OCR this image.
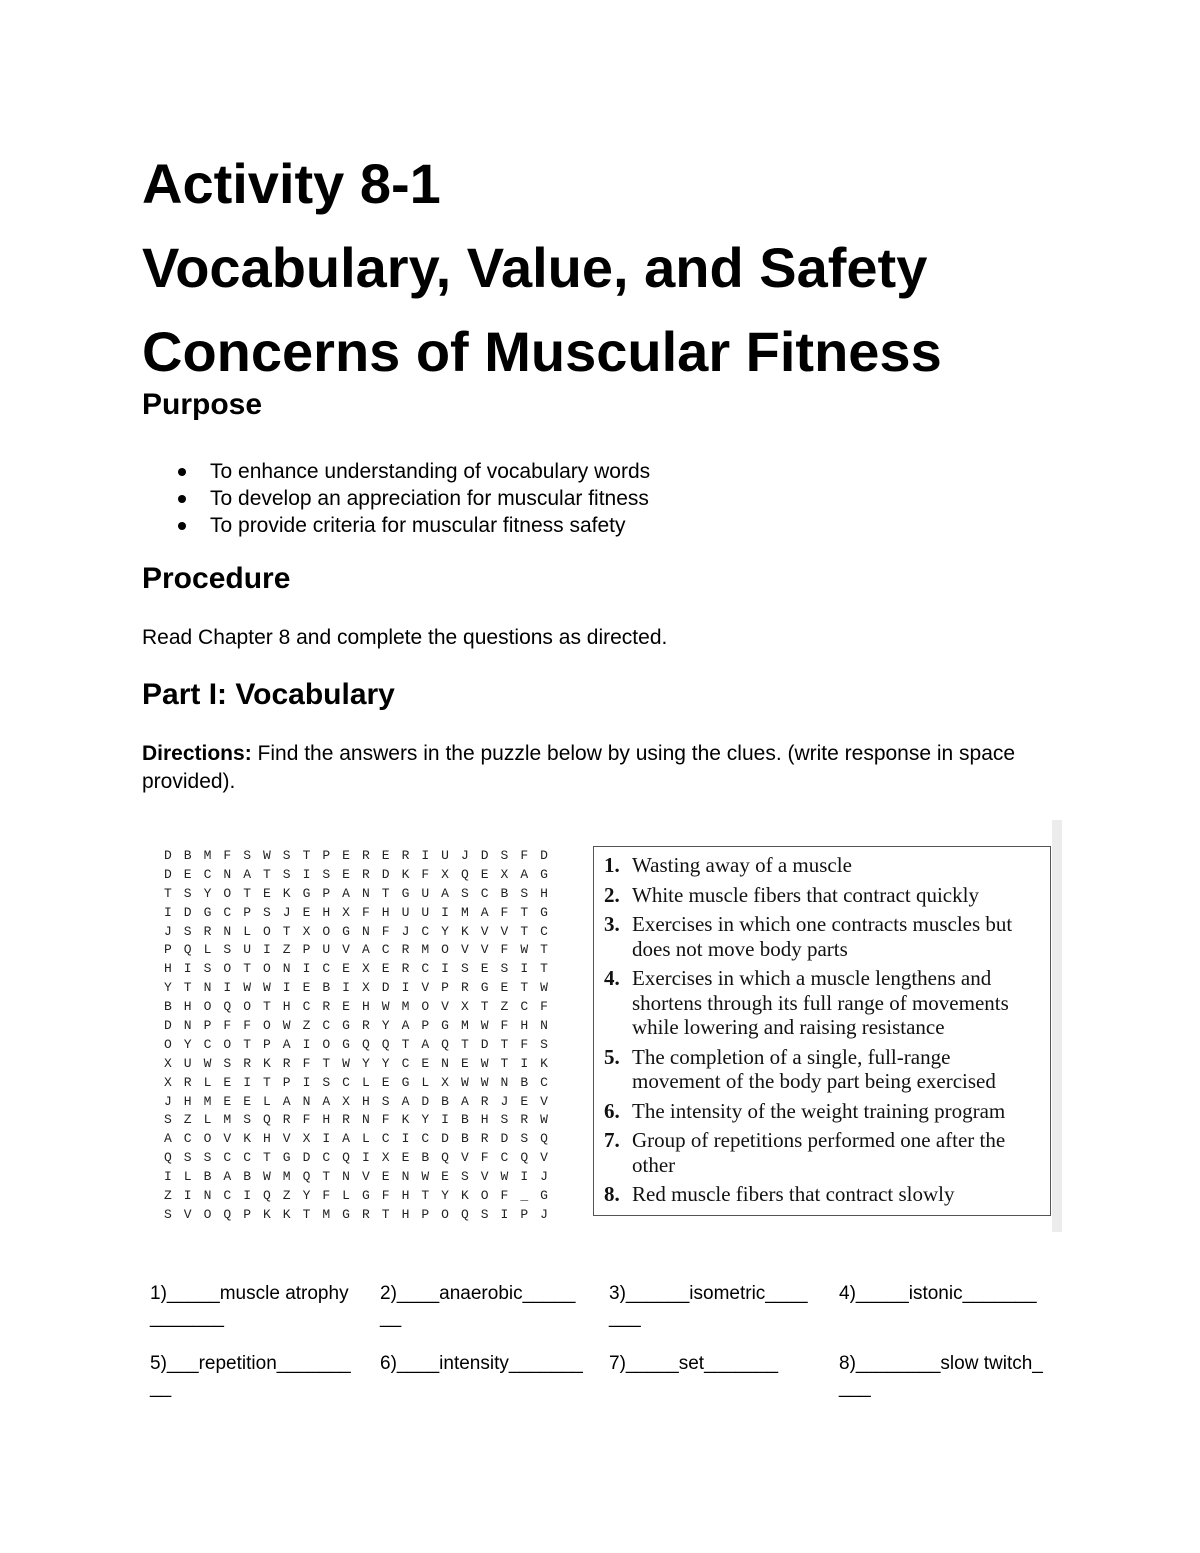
Activity 8-1
Vocabulary, Value, and Safety
Concerns of Muscular Fitness
Purpose
To enhance understanding of vocabulary words
To develop an appreciation for muscular fitness
To provide criteria for muscular fitness safety
Procedure

Read Chapter 8 and complete the questions as directed.

Part I: Vocabulary

Directions: Find the answers in the puzzle below by using the clues. (write response in space provided).

D B M F S W S T P E R E R I U J D S F D
D E C N A T S I S E R D K F X Q E X A G
T S Y O T E K G P A N T G U A S C B S H
I D G C P S J E H X F H U U I M A F T G
J S R N L O T X O G N F J C Y K V V T C
P Q L S U I Z P U V A C R M O V V F W T
H I S O T O N I C E X E R C I S E S I T
Y T N I W W I E B I X D I V P R G E T W
B H O Q O T H C R E H W M O V X T Z C F
D N P F F O W Z C G R Y A P G M W F H N
O Y C O T P A I O G Q Q T A Q T D T F S
X U W S R K R F T W Y Y C E N E W T I K
X R L E I T P I S C L E G L X W W N B C
J H M E E L A N A X H S A D B A R J E V
S Z L M S Q R F H R N F K Y I B H S R W
A C O V K H V X I A L C I C D B R D S Q
Q S S C C T G D C Q I X E B Q V F C Q V
I L B A B W M Q T N V E N W E S V W I J
Z I N C I Q Z Y F L G F H T Y K O F _ G
S V O Q P K K T M G R T H P O Q S I P J
1. Wasting away of a muscle
2. White muscle fibers that contract quickly
3. Exercises in which one contracts muscles but does not move body parts
4. Exercises in which a muscle lengthens and shortens through its full range of movements while lowering and raising resistance
5. The completion of a single, full-range movement of the body part being exercised
6. The intensity of the weight training program
7. Group of repetitions performed one after the other
8. Red muscle fibers that contract slowly
1)_____muscle atrophy_______
2)____anaerobic_______
3)______isometric_______
4)_____istonic_______
5)___repetition_________
6)____intensity_______ 7)_____set_______	8)________slow twitch____
